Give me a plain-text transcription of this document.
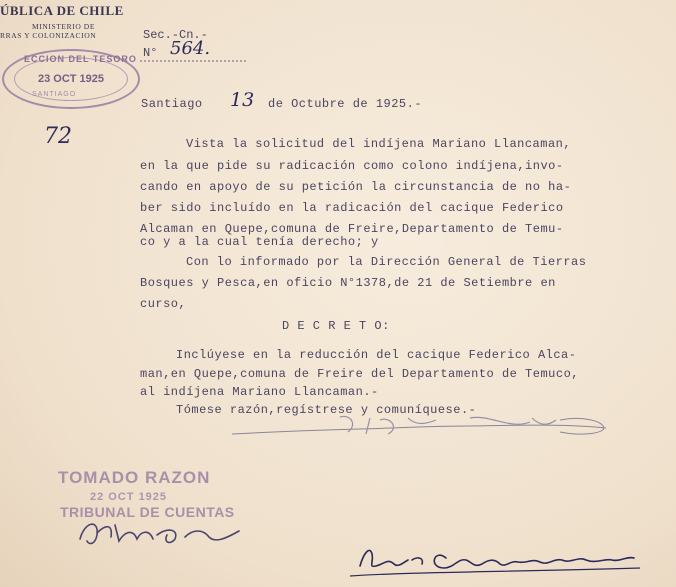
ÚBLICA DE CHILE
MINISTERIO DE
RRAS Y COLONIZACION	Sec.-Cn.-
N° 564.
ECCION DEL TESORO
23 OCT 1925
SANTIAGO
72
Santiago 13 de Octubre de 1925.-
Vista la solicitud del indíjena Mariano Llancaman,
en la que pide su radicación como colono indíjena,invo-
cando en apoyo de su petición la circunstancia de no ha-
ber sido incluído en la radicación del cacique Federico
Alcaman en Quepe,comuna de Freire,Departamento de Temu-
co y a la cual tenía derecho; y
Con lo informado por la Dirección General de Tierras
Bosques y Pesca,en oficio N°1378,de 21 de Setiembre en
curso,
D E C R E T O:
Inclúyese en la reducción del cacique Federico Alca-
man,en Quepe,comuna de Freire del Departamento de Temuco,
al indíjena Mariano Llancaman.-
Tómese razón,regístrese y comuníquese.-
TOMADO RAZON
22 OCT 1925
TRIBUNAL DE CUENTAS
